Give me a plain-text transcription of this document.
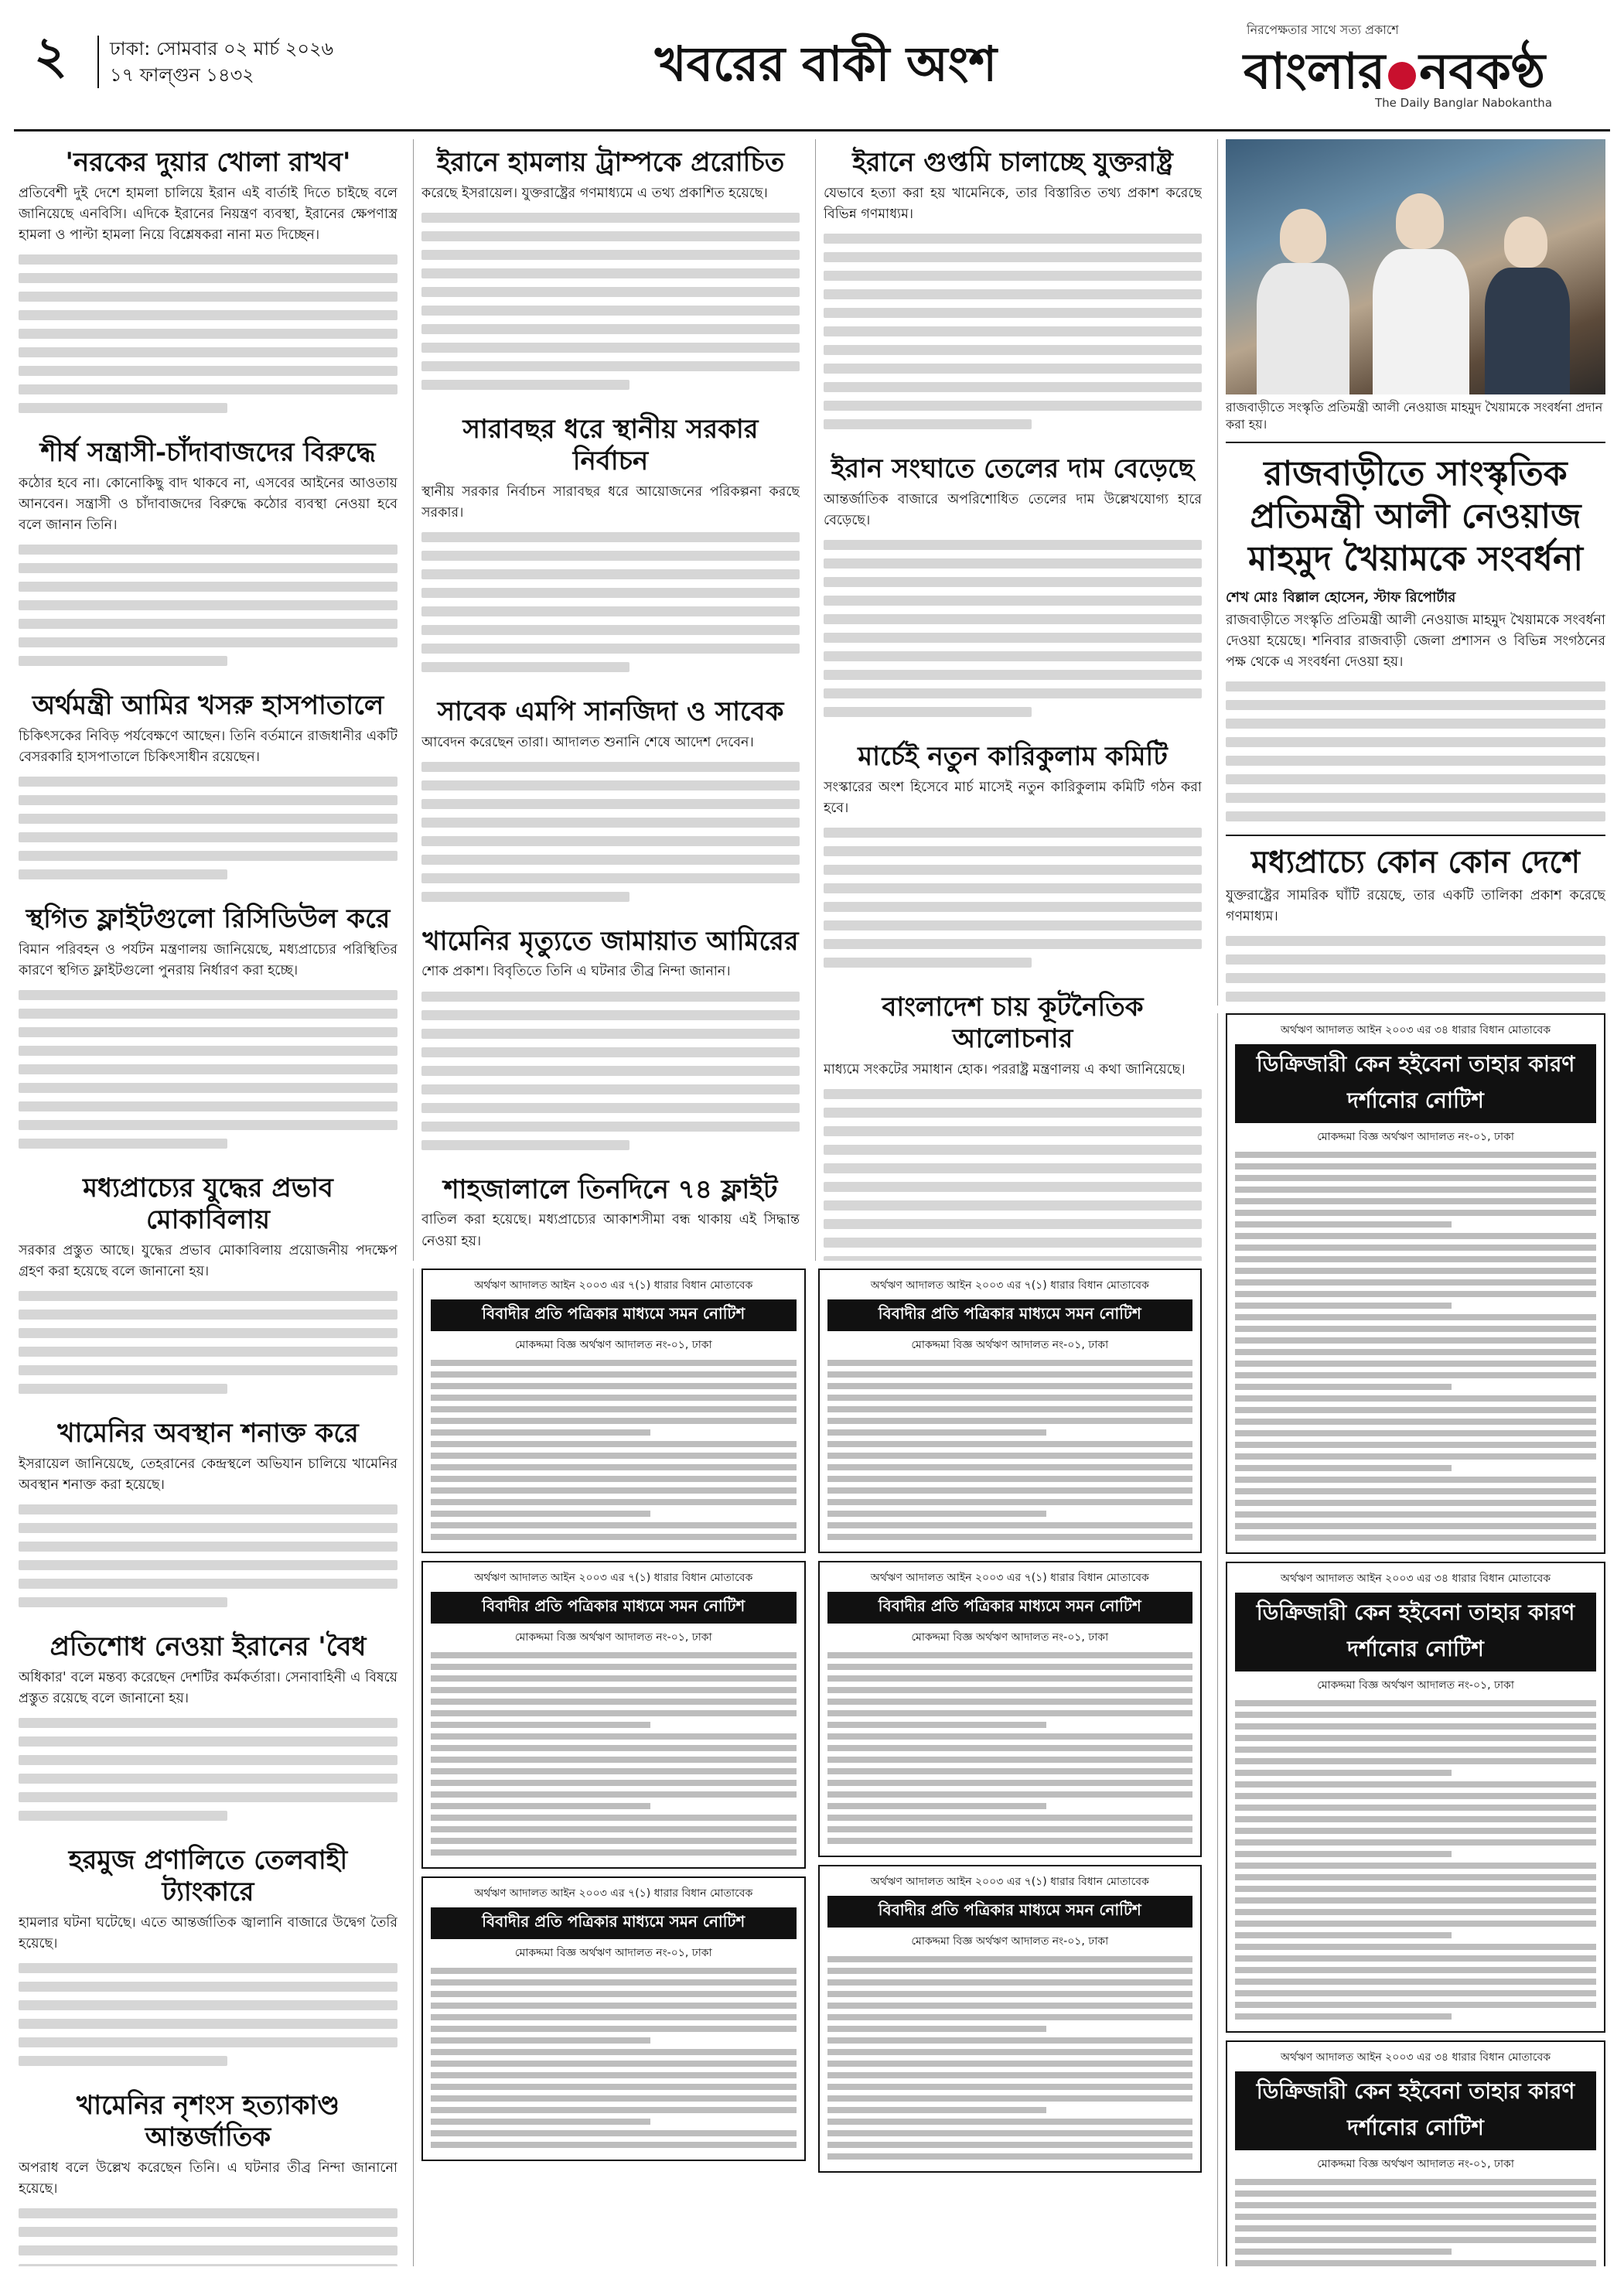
২ ঢাকা: সোমবার ০২ মার্চ ২০২৬
১৭ ফাল্গুন ১৪৩২	খবরের বাকী অংশ
নিরপেক্ষতার সাথে সত্য প্রকাশে
বাংলার নবকণ্ঠ
The Daily Banglar Nabokantha
'নরকের দুয়ার খোলা রাখব'

প্রতিবেশী দুই দেশে হামলা চালিয়ে ইরান এই বার্তাই দিতে চাইছে বলে জানিয়েছে এনবিসি। এদিকে ইরানের নিয়ন্ত্রণ ব্যবস্থা, ইরানের ক্ষেপণাস্ত্র হামলা ও পাল্টা হামলা নিয়ে বিশ্লেষকরা নানা মত দিচ্ছেন।

শীর্ষ সন্ত্রাসী-চাঁদাবাজদের বিরুদ্ধে

কঠোর হবে না। কোনোকিছু বাদ থাকবে না, এসবের আইনের আওতায় আনবেন। সন্ত্রাসী ও চাঁদাবাজদের বিরুদ্ধে কঠোর ব্যবস্থা নেওয়া হবে বলে জানান তিনি।

অর্থমন্ত্রী আমির খসরু হাসপাতালে

চিকিৎসকের নিবিড় পর্যবেক্ষণে আছেন। তিনি বর্তমানে রাজধানীর একটি বেসরকারি হাসপাতালে চিকিৎসাধীন রয়েছেন।

স্থগিত ফ্লাইটগুলো রিসিডিউল করে

বিমান পরিবহন ও পর্যটন মন্ত্রণালয় জানিয়েছে, মধ্যপ্রাচ্যের পরিস্থিতির কারণে স্থগিত ফ্লাইটগুলো পুনরায় নির্ধারণ করা হচ্ছে।

মধ্যপ্রাচ্যের যুদ্ধের প্রভাব মোকাবিলায়

সরকার প্রস্তুত আছে। যুদ্ধের প্রভাব মোকাবিলায় প্রয়োজনীয় পদক্ষেপ গ্রহণ করা হয়েছে বলে জানানো হয়।

খামেনির অবস্থান শনাক্ত করে

ইসরায়েল জানিয়েছে, তেহরানের কেন্দ্রস্থলে অভিযান চালিয়ে খামেনির অবস্থান শনাক্ত করা হয়েছে।

প্রতিশোধ নেওয়া ইরানের 'বৈধ

অধিকার' বলে মন্তব্য করেছেন দেশটির কর্মকর্তারা। সেনাবাহিনী এ বিষয়ে প্রস্তুত রয়েছে বলে জানানো হয়।

হরমুজ প্রণালিতে তেলবাহী ট্যাংকারে

হামলার ঘটনা ঘটেছে। এতে আন্তর্জাতিক জ্বালানি বাজারে উদ্বেগ তৈরি হয়েছে।

খামেনির নৃশংস হত্যাকাণ্ড আন্তর্জাতিক

অপরাধ বলে উল্লেখ করেছেন তিনি। এ ঘটনার তীব্র নিন্দা জানানো হয়েছে।

ইরানে হামলায় ট্রাম্পকে প্ররোচিত

করেছে ইসরায়েল। যুক্তরাষ্ট্রের গণমাধ্যমে এ তথ্য প্রকাশিত হয়েছে।

সারাবছর ধরে স্থানীয় সরকার নির্বাচন

স্থানীয় সরকার নির্বাচন সারাবছর ধরে আয়োজনের পরিকল্পনা করছে সরকার।

সাবেক এমপি সানজিদা ও সাবেক

আবেদন করেছেন তারা। আদালত শুনানি শেষে আদেশ দেবেন।

খামেনির মৃত্যুতে জামায়াত আমিরের

শোক প্রকাশ। বিবৃতিতে তিনি এ ঘটনার তীব্র নিন্দা জানান।

শাহজালালে তিনদিনে ৭৪ ফ্লাইট

বাতিল করা হয়েছে। মধ্যপ্রাচ্যের আকাশসীমা বন্ধ থাকায় এই সিদ্ধান্ত নেওয়া হয়।

ইরানে গুপ্তমি চালাচ্ছে যুক্তরাষ্ট্র

যেভাবে হত্যা করা হয় খামেনিকে, তার বিস্তারিত তথ্য প্রকাশ করেছে বিভিন্ন গণমাধ্যম।

ইরান সংঘাতে তেলের দাম বেড়েছে

আন্তর্জাতিক বাজারে অপরিশোধিত তেলের দাম উল্লেখযোগ্য হারে বেড়েছে।

মার্চেই নতুন কারিকুলাম কমিটি

সংস্কারের অংশ হিসেবে মার্চ মাসেই নতুন কারিকুলাম কমিটি গঠন করা হবে।

বাংলাদেশ চায় কূটনৈতিক আলোচনার

মাধ্যমে সংকটের সমাধান হোক। পররাষ্ট্র মন্ত্রণালয় এ কথা জানিয়েছে।

রাজবাড়ীতে সংস্কৃতি প্রতিমন্ত্রী আলী নেওয়াজ মাহমুদ খৈয়ামকে সংবর্ধনা প্রদান করা হয়।
রাজবাড়ীতে সাংস্কৃতিক প্রতিমন্ত্রী আলী নেওয়াজ মাহমুদ খৈয়ামকে সংবর্ধনা
শেখ মোঃ বিল্লাল হোসেন, স্টাফ রিপোর্টার

রাজবাড়ীতে সংস্কৃতি প্রতিমন্ত্রী আলী নেওয়াজ মাহমুদ খৈয়ামকে সংবর্ধনা দেওয়া হয়েছে। শনিবার রাজবাড়ী জেলা প্রশাসন ও বিভিন্ন সংগঠনের পক্ষ থেকে এ সংবর্ধনা দেওয়া হয়।

মধ্যপ্রাচ্যে কোন কোন দেশে

যুক্তরাষ্ট্রের সামরিক ঘাঁটি রয়েছে, তার একটি তালিকা প্রকাশ করেছে গণমাধ্যম।

অর্থঋণ আদালত আইন ২০০৩ এর ৭(১) ধারার বিধান মোতাবেক
বিবাদীর প্রতি পত্রিকার মাধ্যমে সমন নোটিশ
মোকদ্দমা বিজ্ঞ অর্থঋণ আদালত নং-০১, ঢাকা
অর্থঋণ আদালত আইন ২০০৩ এর ৭(১) ধারার বিধান মোতাবেক
বিবাদীর প্রতি পত্রিকার মাধ্যমে সমন নোটিশ
মোকদ্দমা বিজ্ঞ অর্থঋণ আদালত নং-০১, ঢাকা
অর্থঋণ আদালত আইন ২০০৩ এর ৭(১) ধারার বিধান মোতাবেক
বিবাদীর প্রতি পত্রিকার মাধ্যমে সমন নোটিশ
মোকদ্দমা বিজ্ঞ অর্থঋণ আদালত নং-০১, ঢাকা
অর্থঋণ আদালত আইন ২০০৩ এর ৭(১) ধারার বিধান মোতাবেক
বিবাদীর প্রতি পত্রিকার মাধ্যমে সমন নোটিশ
মোকদ্দমা বিজ্ঞ অর্থঋণ আদালত নং-০১, ঢাকা
অর্থঋণ আদালত আইন ২০০৩ এর ৭(১) ধারার বিধান মোতাবেক
বিবাদীর প্রতি পত্রিকার মাধ্যমে সমন নোটিশ
মোকদ্দমা বিজ্ঞ অর্থঋণ আদালত নং-০১, ঢাকা
অর্থঋণ আদালত আইন ২০০৩ এর ৭(১) ধারার বিধান মোতাবেক
বিবাদীর প্রতি পত্রিকার মাধ্যমে সমন নোটিশ
মোকদ্দমা বিজ্ঞ অর্থঋণ আদালত নং-০১, ঢাকা
অর্থঋণ আদালত আইন ২০০৩ এর ৩৪ ধারার বিধান মোতাবেক
ডিক্রিজারী কেন হইবেনা তাহার কারণ দর্শানোর নোটিশ
মোকদ্দমা বিজ্ঞ অর্থঋণ আদালত নং-০১, ঢাকা
অর্থঋণ আদালত আইন ২০০৩ এর ৩৪ ধারার বিধান মোতাবেক
ডিক্রিজারী কেন হইবেনা তাহার কারণ দর্শানোর নোটিশ
মোকদ্দমা বিজ্ঞ অর্থঋণ আদালত নং-০১, ঢাকা
অর্থঋণ আদালত আইন ২০০৩ এর ৩৪ ধারার বিধান মোতাবেক
ডিক্রিজারী কেন হইবেনা তাহার কারণ দর্শানোর নোটিশ
মোকদ্দমা বিজ্ঞ অর্থঋণ আদালত নং-০১, ঢাকা
